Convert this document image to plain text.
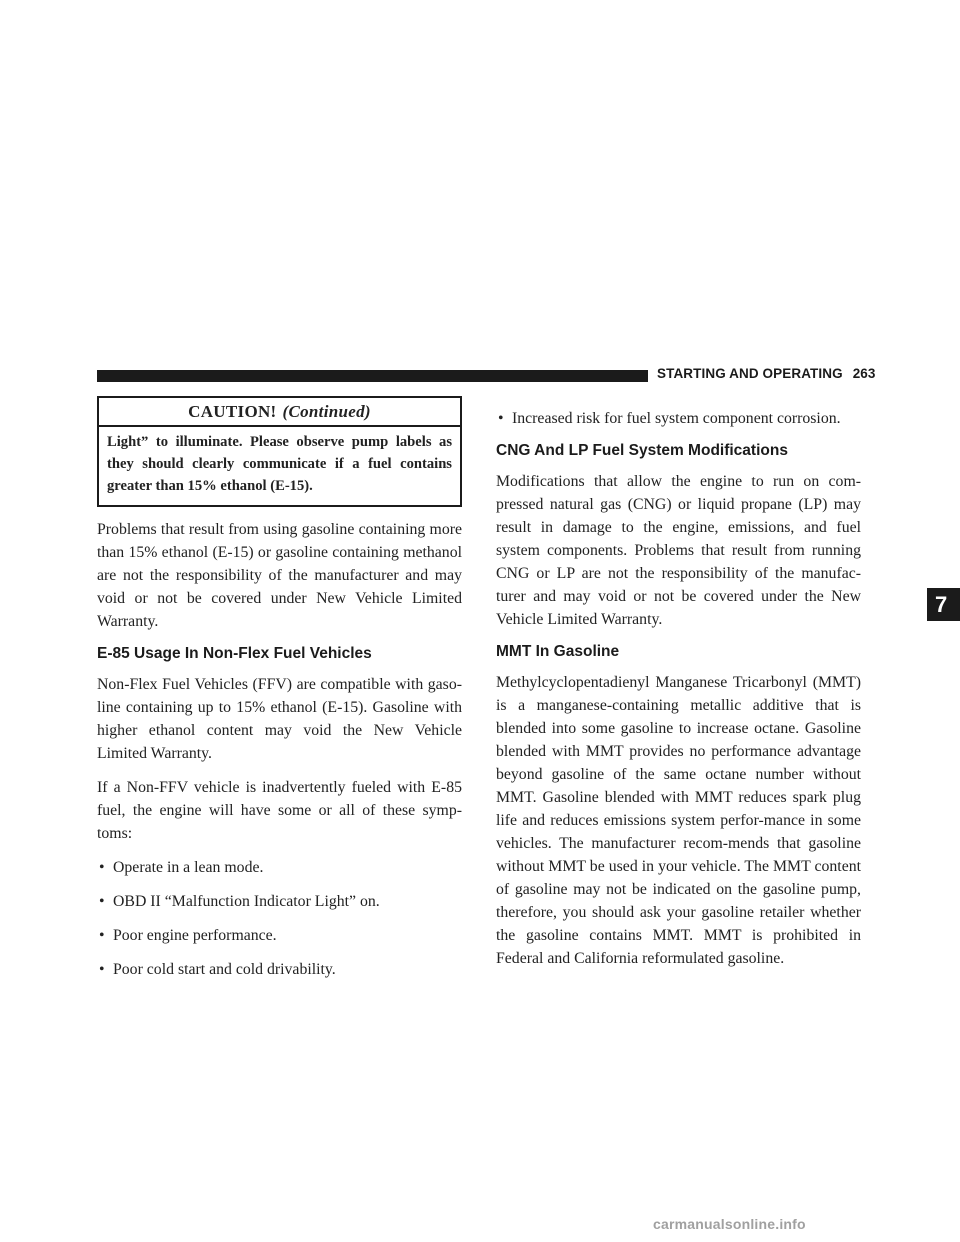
STARTING AND OPERATING 263
CAUTION! (Continued)
Light” to illuminate. Please observe pump labels as they should clearly communicate if a fuel contains greater than 15% ethanol (E-15).

Problems that result from using gasoline containing more than 15% ethanol (E-15) or gasoline containing methanol are not the responsibility of the manufacturer and may void or not be covered under New Vehicle Limited Warranty.

E-85 Usage In Non-Flex Fuel Vehicles

Non-Flex Fuel Vehicles (FFV) are compatible with gaso-line containing up to 15% ethanol (E-15). Gasoline with higher ethanol content may void the New Vehicle Limited Warranty.

If a Non-FFV vehicle is inadvertently fueled with E-85 fuel, the engine will have some or all of these symp-toms:

• Operate in a lean mode.
• OBD II “Malfunction Indicator Light” on.
• Poor engine performance.
• Poor cold start and cold drivability.
• Increased risk for fuel system component corrosion.
CNG And LP Fuel System Modifications

Modifications that allow the engine to run on com-pressed natural gas (CNG) or liquid propane (LP) may result in damage to the engine, emissions, and fuel system components. Problems that result from running CNG or LP are not the responsibility of the manufac-turer and may void or not be covered under the New Vehicle Limited Warranty.

MMT In Gasoline

Methylcyclopentadienyl Manganese Tricarbonyl (MMT) is a manganese-containing metallic additive that is blended into some gasoline to increase octane. Gasoline blended with MMT provides no performance advantage beyond gasoline of the same octane number without MMT. Gasoline blended with MMT reduces spark plug life and reduces emissions system perfor-mance in some vehicles. The manufacturer recom-mends that gasoline without MMT be used in your vehicle. The MMT content of gasoline may not be indicated on the gasoline pump, therefore, you should ask your gasoline retailer whether the gasoline contains MMT. MMT is prohibited in Federal and California reformulated gasoline.

7
carmanualsonline.info
